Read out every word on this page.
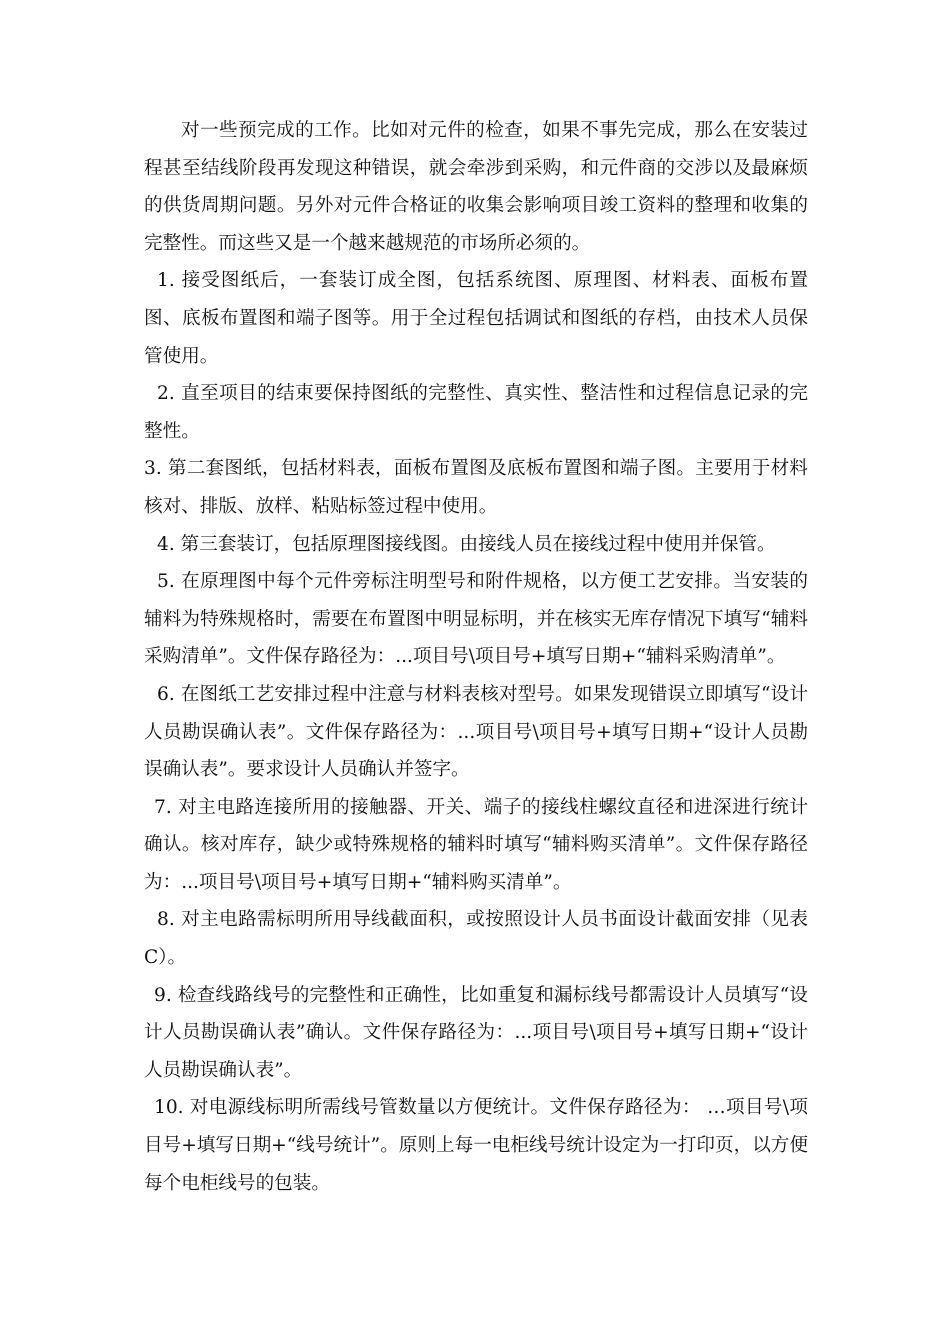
对一些预完成的工作。比如对元件的检查，如果不事先完成，那么在安装过程甚至结线阶段再发现这种错误，就会牵涉到采购，和元件商的交涉以及最麻烦的供货周期问题。另外对元件合格证的收集会影响项目竣工资料的整理和收集的完整性。而这些又是一个越来越规范的市场所必须的。

1. 接受图纸后，一套装订成全图，包括系统图、原理图、材料表、面板布置图、底板布置图和端子图等。用于全过程包括调试和图纸的存档，由技术人员保管使用。

2. 直至项目的结束要保持图纸的完整性、真实性、整洁性和过程信息记录的完整性。

3. 第二套图纸，包括材料表，面板布置图及底板布置图和端子图。主要用于材料核对、排版、放样、粘贴标签过程中使用。

4. 第三套装订，包括原理图接线图。由接线人员在接线过程中使用并保管。

5. 在原理图中每个元件旁标注明型号和附件规格，以方便工艺安排。当安装的辅料为特殊规格时，需要在布置图中明显标明，并在核实无库存情况下填写“辅料采购清单”。文件保存路径为：...项目号\项目号+填写日期+“辅料采购清单”。

6. 在图纸工艺安排过程中注意与材料表核对型号。如果发现错误立即填写“设计人员勘误确认表”。文件保存路径为：...项目号\项目号+填写日期+“设计人员勘误确认表”。要求设计人员确认并签字。

7. 对主电路连接所用的接触器、开关、端子的接线柱螺纹直径和进深进行统计确认。核对库存，缺少或特殊规格的辅料时填写“辅料购买清单”。文件保存路径为：...项目号\项目号+填写日期+“辅料购买清单”。

8. 对主电路需标明所用导线截面积，或按照设计人员书面设计截面安排（见表C）。

9. 检查线路线号的完整性和正确性，比如重复和漏标线号都需设计人员填写“设计人员勘误确认表”确认。文件保存路径为：...项目号\项目号+填写日期+“设计人员勘误确认表”。

10. 对电源线标明所需线号管数量以方便统计。文件保存路径为： …项目号\项目号+填写日期+“线号统计”。原则上每一电柜线号统计设定为一打印页，以方便每个电柜线号的包装。
